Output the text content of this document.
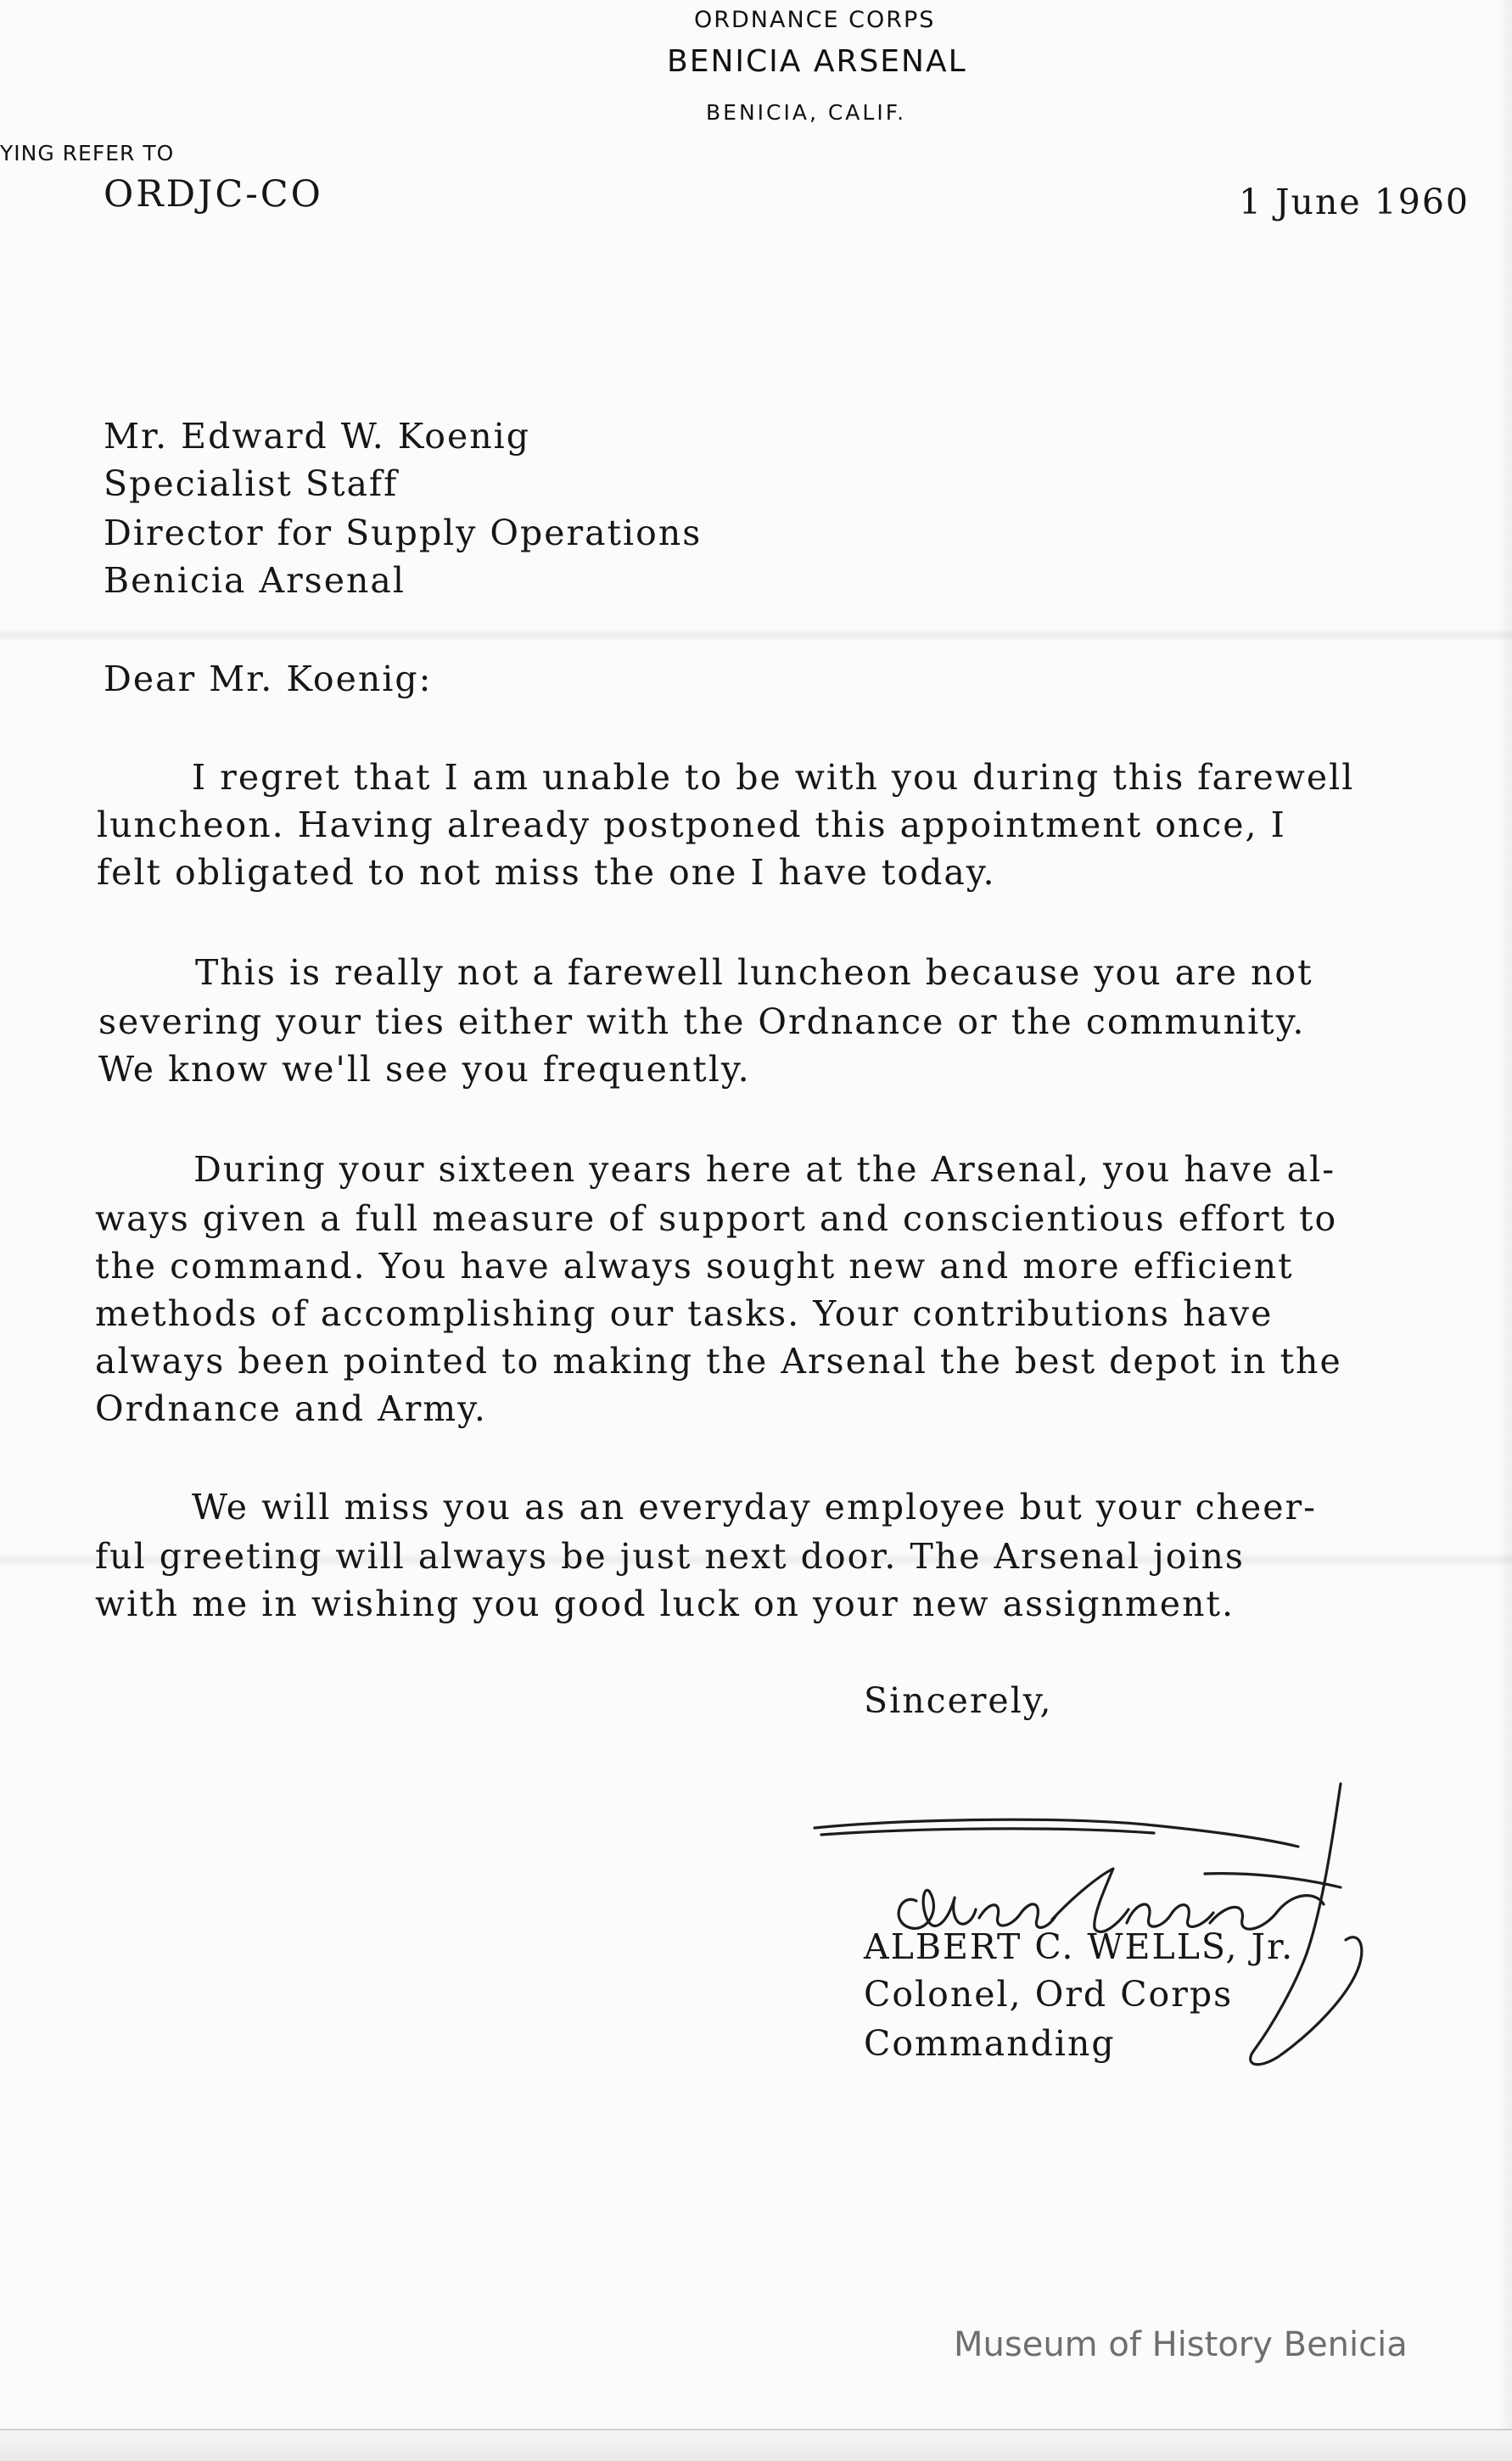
ORDNANCE CORPS
BENICIA ARSENAL
BENICIA, CALIF.
YING REFER TO
ORDJC-CO	1 June 1960
Mr. Edward W. Koenig
Specialist Staff
Director for Supply Operations
Benicia Arsenal
Dear Mr. Koenig:
I regret that I am unable to be with you during this farewell
luncheon. Having already postponed this appointment once, I
felt obligated to not miss the one I have today.
This is really not a farewell luncheon because you are not
severing your ties either with the Ordnance or the community.
We know we'll see you frequently.
During your sixteen years here at the Arsenal, you have al-
ways given a full measure of support and conscientious effort to
the command. You have always sought new and more efficient
methods of accomplishing our tasks. Your contributions have
always been pointed to making the Arsenal the best depot in the
Ordnance and Army.
We will miss you as an everyday employee but your cheer-
ful greeting will always be just next door. The Arsenal joins
with me in wishing you good luck on your new assignment.
Sincerely,
ALBERT C. WELLS, Jr.
Colonel, Ord Corps
Commanding
Museum of History Benicia
